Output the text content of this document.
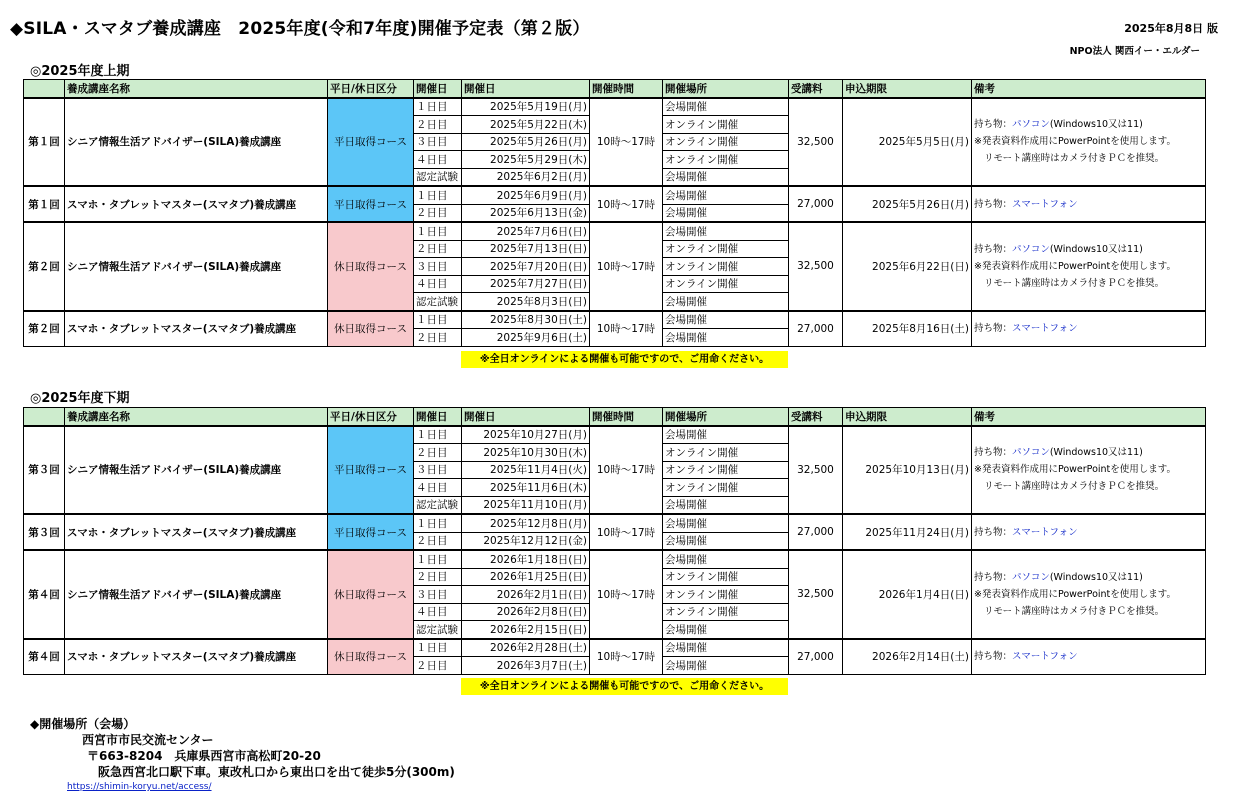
◆SILA・スマタブ養成講座　2025年度(令和7年度)開催予定表（第２版）	2025年8月8日 版
NPO法人 関西イー・エルダー
◎2025年度上期
	養成講座名称	平日/休日区分	開催日	開催日	開催時間	開催場所	受講料	申込期限	備考
第１回	シニア情報生活アドバイザー(SILA)養成講座	平日取得コース	１日目	2025年5月19日(月)	10時～17時	会場開催	32,500	2025年5月5日(月)	持ち物：パソコン(Windows10又は11)
※発表資料作成用にPowerPointを使用します。
リモート講座時はカメラ付きＰＣを推奨。

			２日目	2025年5月22日(木)		オンライン開催			
			３日目	2025年5月26日(月)		オンライン開催			
			４日目	2025年5月29日(木)		オンライン開催			
			認定試験	2025年6月2日(月)		会場開催			
第１回	スマホ・タブレットマスター(スマタブ)養成講座	平日取得コース	１日目	2025年6月9日(月)	10時～17時	会場開催	27,000	2025年5月26日(月)	持ち物：スマートフォン
			２日目	2025年6月13日(金)		会場開催			
第２回	シニア情報生活アドバイザー(SILA)養成講座	休日取得コース	１日目	2025年7月6日(日)	10時～17時	会場開催	32,500	2025年6月22日(日)	持ち物：パソコン(Windows10又は11)
※発表資料作成用にPowerPointを使用します。
リモート講座時はカメラ付きＰＣを推奨。

			２日目	2025年7月13日(日)		オンライン開催			
			３日目	2025年7月20日(日)		オンライン開催			
			４日目	2025年7月27日(日)		オンライン開催			
			認定試験	2025年8月3日(日)		会場開催			
第２回	スマホ・タブレットマスター(スマタブ)養成講座	休日取得コース	１日目	2025年8月30日(土)	10時～17時	会場開催	27,000	2025年8月16日(土)	持ち物：スマートフォン
			２日目	2025年9月6日(土)		会場開催			
※全日オンラインによる開催も可能ですので、ご用命ください。
◎2025年度下期
	養成講座名称	平日/休日区分	開催日	開催日	開催時間	開催場所	受講料	申込期限	備考
第３回	シニア情報生活アドバイザー(SILA)養成講座	平日取得コース	１日目	2025年10月27日(月)	10時～17時	会場開催	32,500	2025年10月13日(月)	持ち物：パソコン(Windows10又は11)
※発表資料作成用にPowerPointを使用します。
リモート講座時はカメラ付きＰＣを推奨。

			２日目	2025年10月30日(木)		オンライン開催			
			３日目	2025年11月4日(火)		オンライン開催			
			４日目	2025年11月6日(木)		オンライン開催			
			認定試験	2025年11月10日(月)		会場開催			
第３回	スマホ・タブレットマスター(スマタブ)養成講座	平日取得コース	１日目	2025年12月8日(月)	10時～17時	会場開催	27,000	2025年11月24日(月)	持ち物：スマートフォン
			２日目	2025年12月12日(金)		会場開催			
第４回	シニア情報生活アドバイザー(SILA)養成講座	休日取得コース	１日目	2026年1月18日(日)	10時～17時	会場開催	32,500	2026年1月4日(日)	持ち物：パソコン(Windows10又は11)
※発表資料作成用にPowerPointを使用します。
リモート講座時はカメラ付きＰＣを推奨。

			２日目	2026年1月25日(日)		オンライン開催			
			３日目	2026年2月1日(日)		オンライン開催			
			４日目	2026年2月8日(日)		オンライン開催			
			認定試験	2026年2月15日(日)		会場開催			
第４回	スマホ・タブレットマスター(スマタブ)養成講座	休日取得コース	１日目	2026年2月28日(土)	10時～17時	会場開催	27,000	2026年2月14日(土)	持ち物：スマートフォン
			２日目	2026年3月7日(土)		会場開催			
※全日オンラインによる開催も可能ですので、ご用命ください。
◆開催場所（会場）
西宮市市民交流センター
〒663-8204　兵庫県西宮市高松町20-20
阪急西宮北口駅下車。東改札口から東出口を出て徒歩5分(300m)
https://shimin-koryu.net/access/
